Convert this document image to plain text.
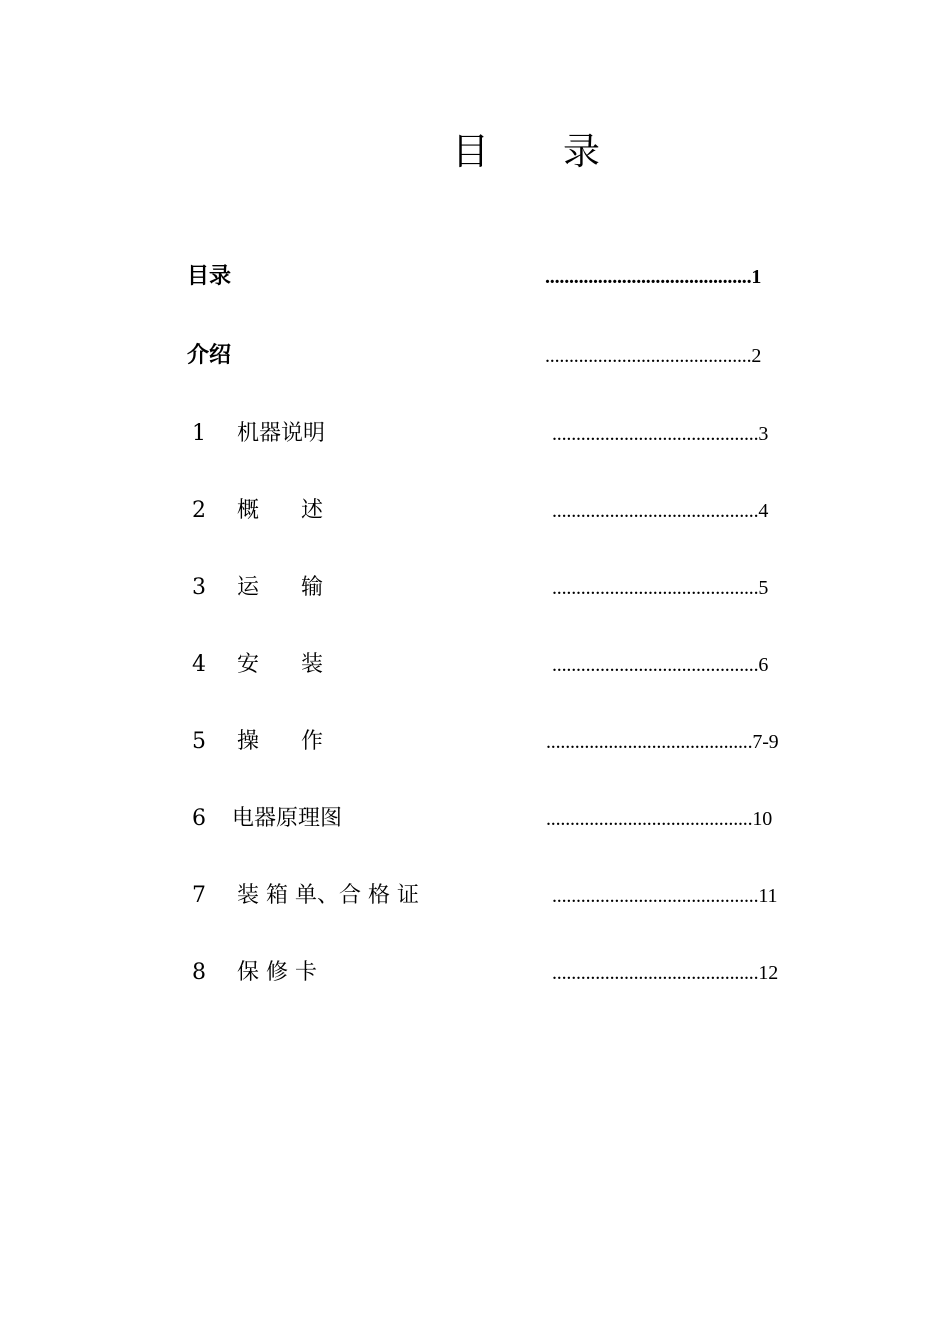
目 录
目录	...........................................1
介绍	...........................................2
1 机器说明	...........................................3
2 概      述	...........................................4
3 运      输	...........................................5
4 安      装	...........................................6
5 操      作	...........................................7-9
6 电器原理图	...........................................10
7 装 箱 单、合 格 证	...........................................11
8 保 修 卡	...........................................12
